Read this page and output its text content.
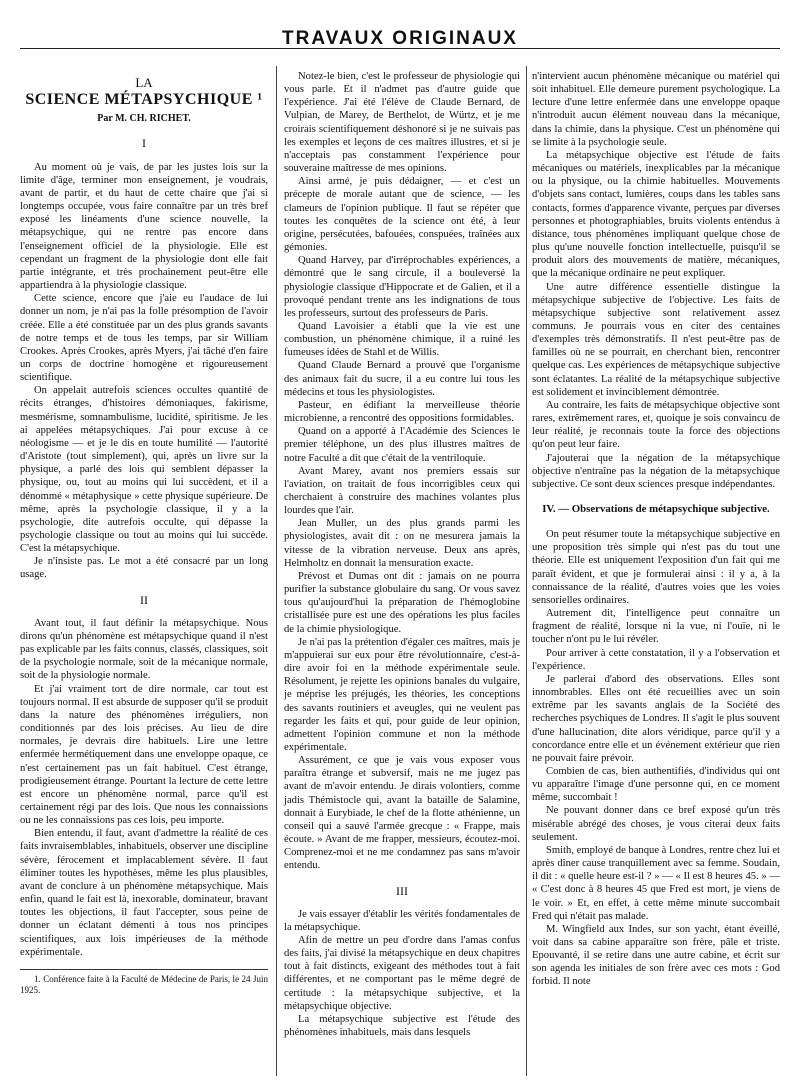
TRAVAUX ORIGINAUX
LA
SCIENCE MÉTAPSYCHIQUE ¹
Par M. CH. RICHET.
I

Au moment où je vais, de par les justes lois sur la limite d'âge, terminer mon enseignement, je voudrais, avant de partir, et du haut de cette chaire que j'ai si longtemps occupée, vous faire connaître par un très bref exposé les linéaments d'une science nouvelle, la métapsychique, qui ne rentre pas encore dans l'enseignement officiel de la physiologie. Elle est cependant un fragment de la physiologie dont elle fait partie intégrante, et très prochainement peut-être elle appartiendra à la physiologie classique.

Cette science, encore que j'aie eu l'audace de lui donner un nom, je n'ai pas la folle présomption de l'avoir créée. Elle a été constituée par un des plus grands savants de notre temps et de tous les temps, par sir William Crookes. Après Crookes, après Myers, j'ai tâché d'en faire un corps de doctrine homogène et rigoureusement scientifique.

On appelait autrefois sciences occultes quantité de récits étranges, d'histoires démoniaques, fakirisme, mesmérisme, somnambulisme, lucidité, spiritisme. Je les ai appelées métapsychiques. J'ai pour excuse à ce néologisme — et je le dis en toute humilité — l'autorité d'Aristote (tout simplement), qui, après un livre sur la physique, a parlé des lois qui semblent dépasser la physique, ou, tout au moins qui lui succèdent, et il a dénommé « métaphysique » cette physique supérieure. De même, après la psychologie classique, il y a la psychologie, dite autrefois occulte, qui dépasse la psychologie classique ou tout au moins qui lui succède. C'est la métapsychique.

Je n'insiste pas. Le mot a été consacré par un long usage.

II

Avant tout, il faut définir la métapsychique. Nous dirons qu'un phénomène est métapsychique quand il n'est pas explicable par les faits connus, classés, classiques, soit de la psychologie normale, soit de la mécanique normale, soit de la physiologie normale.

Et j'ai vraiment tort de dire normale, car tout est toujours normal. Il est absurde de supposer qu'il se produit dans la nature des phénomènes irréguliers, non conditionnés par des lois précises. Au lieu de dire normales, je devrais dire habituels. Lire une lettre enfermée hermétiquement dans une enveloppe opaque, ce n'est certainement pas un fait habituel. C'est étrange, prodigieusement étrange. Pourtant la lecture de cette lettre est encore un phénomène normal, parce qu'il est certainement régi par des lois. Que nous les connaissions ou ne les connaissions pas ces lois, peu importe.

Bien entendu, il faut, avant d'admettre la réalité de ces faits invraisemblables, inhabituels, observer une discipline sévère, férocement et implacablement sévère. Il faut éliminer toutes les hypothèses, même les plus plausibles, avant de conclure à un phénomène métapsychique. Mais enfin, quand le fait est là, inexorable, dominateur, bravant toutes les objections, il faut l'accepter, sous peine de donner un éclatant démenti à tous nos principes scientifiques, aux lois impérieuses de la méthode expérimentale.

1. Conférence faite à la Faculté de Médecine de Paris, le 24 Juin 1925.

Notez-le bien, c'est le professeur de physiologie qui vous parle. Et il n'admet pas d'autre guide que l'expérience. J'ai été l'élève de Claude Bernard, de Vulpian, de Marey, de Berthelot, de Würtz, et je me croirais scientifiquement déshonoré si je ne suivais pas les exemples et leçons de ces maîtres illustres, et si je n'acceptais pas constamment l'expérience pour souveraine maîtresse de mes opinions.

Ainsi armé, je puis dédaigner, — et c'est un précepte de morale autant que de science, — les clameurs de l'opinion publique. Il faut se répéter que toutes les conquêtes de la science ont été, à leur origine, persécutées, bafouées, conspuées, traînées aux gémonies.

Quand Harvey, par d'irréprochables expériences, a démontré que le sang circule, il a bouleversé la physiologie classique d'Hippocrate et de Galien, et il a provoqué pendant trente ans les indignations de tous les professeurs, surtout des professeurs de Paris.

Quand Lavoisier a établi que la vie est une combustion, un phénomène chimique, il a ruiné les fumeuses idées de Stahl et de Willis.

Quand Claude Bernard a prouvé que l'organisme des animaux fait du sucre, il a eu contre lui tous les médecins et tous les physiologistes.

Pasteur, en édifiant la merveilleuse théorie microbienne, a rencontré des oppositions formidables.

Quand on a apporté à l'Académie des Sciences le premier téléphone, un des plus illustres maîtres de notre Faculté a dit que c'était de la ventriloquie.

Avant Marey, avant nos premiers essais sur l'aviation, on traitait de fous incorrigibles ceux qui cherchaient à construire des machines volantes plus lourdes que l'air.

Jean Muller, un des plus grands parmi les physiologistes, avait dit : on ne mesurera jamais la vitesse de la vibration nerveuse. Deux ans après, Helmholtz en donnait la mensuration exacte.

Prévost et Dumas ont dit : jamais on ne pourra purifier la substance globulaire du sang. Or vous savez tous qu'aujourd'hui la préparation de l'hémoglobine cristallisée pure est une des opérations les plus faciles de la chimie physiologique.

Je n'ai pas la prétention d'égaler ces maîtres, mais je m'appuierai sur eux pour être révolutionnaire, c'est-à-dire avoir foi en la méthode expérimentale seule. Résolument, je rejette les opinions banales du vulgaire, je méprise les préjugés, les théories, les conceptions des savants routiniers et aveugles, qui ne veulent pas regarder les faits et qui, pour guide de leur opinion, admettent l'opinion commune et non la méthode expérimentale.

Assurément, ce que je vais vous exposer vous paraîtra étrange et subversif, mais ne me jugez pas avant de m'avoir entendu. Je dirais volontiers, comme jadis Thémistocle qui, avant la bataille de Salamine, donnait à Eurybiade, le chef de la flotte athénienne, un conseil qui a sauvé l'armée grecque : « Frappe, mais écoute. » Avant de me frapper, messieurs, écoutez-moi. Comprenez-moi et ne me condamnez pas sans m'avoir entendu.

III

Je vais essayer d'établir les vérités fondamentales de la métapsychique.

Afin de mettre un peu d'ordre dans l'amas confus des faits, j'ai divisé la métapsychique en deux chapitres tout à fait distincts, exigeant des méthodes tout à fait différentes, et ne comportant pas le même degré de certitude : la métapsychique subjective, et la métapsychique objective.

La métapsychique subjective est l'étude des phénomènes inhabituels, mais dans lesquels

n'intervient aucun phénomène mécanique ou matériel qui soit inhabituel. Elle demeure purement psychologique. La lecture d'une lettre enfermée dans une enveloppe opaque n'introduit aucun élément nouveau dans la mécanique, dans la chimie, dans la physique. C'est un phénomène qui se limite à la psychologie seule.

La métapsychique objective est l'étude de faits mécaniques ou matériels, inexplicables par la mécanique ou la physique, ou la chimie habituelles. Mouvements d'objets sans contact, lumières, coups dans les tables sans contacts, formes d'apparence vivante, perçues par diverses personnes et photographiables, bruits violents entendus à distance, tous phénomènes impliquant quelque chose de plus qu'une nouvelle fonction intellectuelle, puisqu'il se produit alors des mouvements de matière, mécaniques, que la mécanique ordinaire ne peut expliquer.

Une autre différence essentielle distingue la métapsychique subjective de l'objective. Les faits de métapsychique subjective sont relativement assez communs. Je pourrais vous en citer des centaines d'exemples très démonstratifs. Il n'est peut-être pas de familles où ne se pourrait, en cherchant bien, rencontrer quelque cas. Les expériences de métapsychique subjective sont éclatantes. La réalité de la métapsychique subjective est solidement et invinciblement démontrée.

Au contraire, les faits de métapsychique objective sont rares, extrêmement rares, et, quoique je sois convaincu de leur réalité, je reconnais toute la force des objections qu'on peut leur faire.

J'ajouterai que la négation de la métapsychique objective n'entraîne pas la négation de la métapsychique subjective. Ce sont deux sciences presque indépendantes.

IV. — Observations de métapsychique subjective.

On peut résumer toute la métapsychique subjective en une proposition très simple qui n'est pas du tout une théorie. Elle est uniquement l'exposition d'un fait qui me paraît évident, et que je formulerai ainsi : il y a, à la connaissance de la réalité, d'autres voies que les voies sensorielles ordinaires.

Autrement dit, l'intelligence peut connaître un fragment de réalité, lorsque ni la vue, ni l'ouïe, ni le toucher n'ont pu le lui révéler.

Pour arriver à cette constatation, il y a l'observation et l'expérience.

Je parlerai d'abord des observations. Elles sont innombrables. Elles ont été recueillies avec un soin extrême par les savants anglais de la Société des recherches psychiques de Londres. Il s'agit le plus souvent d'une hallucination, dite alors véridique, parce qu'il y a concordance entre elle et un événement extérieur que rien ne pouvait faire prévoir.

Combien de cas, bien authentifiés, d'individus qui ont vu apparaître l'image d'une personne qui, en ce moment même, succombait !

Ne pouvant donner dans ce bref exposé qu'un très misérable abrégé des choses, je vous citerai deux faits seulement.

Smith, employé de banque à Londres, rentre chez lui et après dîner cause tranquillement avec sa femme. Soudain, il dit : « quelle heure est-il ? » — « Il est 8 heures 45. » — « C'est donc à 8 heures 45 que Fred est mort, je viens de le voir. » Et, en effet, à cette même minute succombait Fred qui n'était pas malade.

M. Wingfield aux Indes, sur son yacht, étant éveillé, voit dans sa cabine apparaître son frère, pâle et triste. Epouvanté, il se retire dans une autre cabine, et écrit sur son agenda les initiales de son frère avec ces mots : God forbid. Il note
